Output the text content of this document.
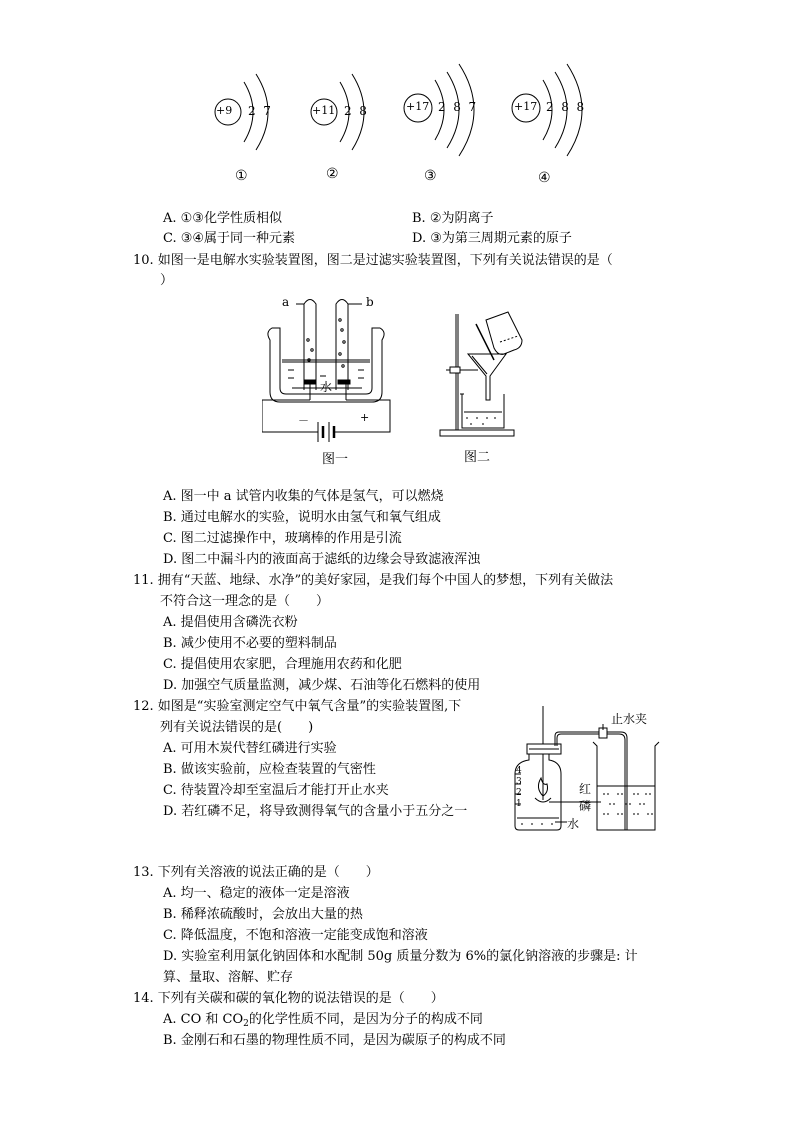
+9 2  7
①
+11 2  8
②
+17 2  8  7
③
+17 2  8  8
④
A. ①③化学性质相似	B. ②为阴离子
C. ③④属于同一种元素	D. ③为第三周期元素的原子
10. 如图一是电解水实验装置图，图二是过滤实验装置图，下列有关说法错误的是（
）
a	b
水
－	+
图一	图二
A. 图一中 a 试管内收集的气体是氢气，可以燃烧
B. 通过电解水的实验，说明水由氢气和氧气组成
C. 图二过滤操作中，玻璃棒的作用是引流
D. 图二中漏斗内的液面高于滤纸的边缘会导致滤液浑浊
11. 拥有“天蓝、地绿、水净”的美好家园，是我们每个中国人的梦想，下列有关做法
不符合这一理念的是（　　）
A. 提倡使用含磷洗衣粉
B. 减少使用不必要的塑料制品
C. 提倡使用农家肥，合理施用农药和化肥
D. 加强空气质量监测，减少煤、石油等化石燃料的使用
12. 如图是“实验室测定空气中氧气含量”的实验装置图,下
列有关说法错误的是(　　)
A. 可用木炭代替红磷进行实验
B. 做该实验前，应检查装置的气密性
C. 待装置冷却至室温后才能打开止水夹
D. 若红磷不足，将导致测得氧气的含量小于五分之一
止水夹
红
磷
水
4
3
2
1
13. 下列有关溶液的说法正确的是（　　）
A. 均一、稳定的液体一定是溶液
B. 稀释浓硫酸时，会放出大量的热
C. 降低温度，不饱和溶液一定能变成饱和溶液
D. 实验室利用氯化钠固体和水配制 50g 质量分数为 6%的氯化钠溶液的步骤是: 计
算、量取、溶解、贮存
14. 下列有关碳和碳的氧化物的说法错误的是（　　）
A. CO 和 $CO_2$的化学性质不同，是因为分子的构成不同
B. 金刚石和石墨的物理性质不同，是因为碳原子的构成不同
